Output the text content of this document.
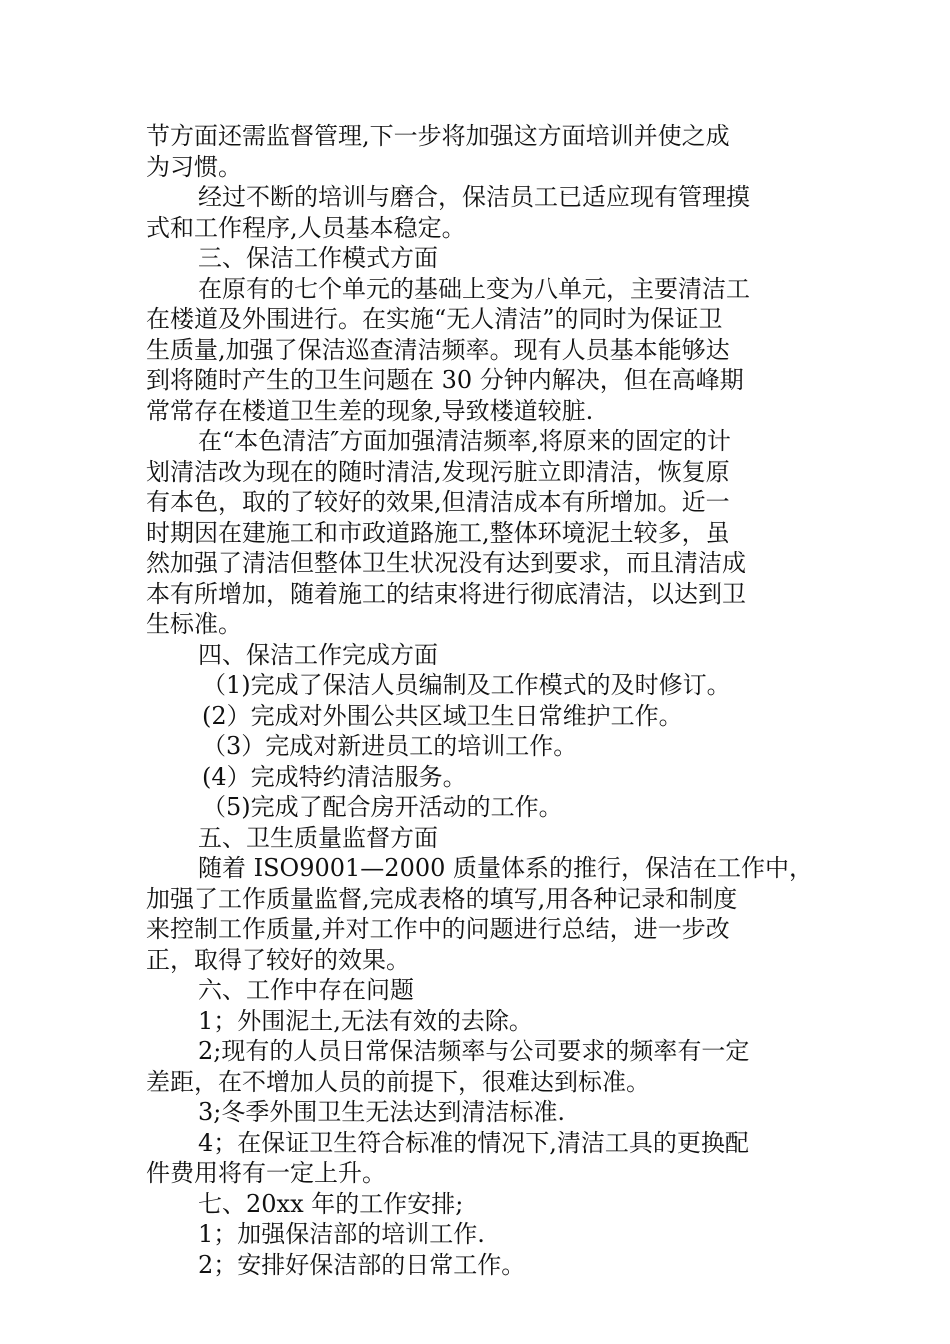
节方面还需监督管理,下一步将加强这方面培训并使之成
为习惯。
经过不断的培训与磨合，保洁员工已适应现有管理摸
式和工作程序,人员基本稳定。
三、保洁工作模式方面
在原有的七个单元的基础上变为八单元，主要清洁工
在楼道及外围进行。在实施“无人清洁”的同时为保证卫
生质量,加强了保洁巡查清洁频率。现有人员基本能够达
到将随时产生的卫生问题在 30 分钟内解决，但在高峰期
常常存在楼道卫生差的现象,导致楼道较脏.
在“本色清洁″方面加强清洁频率,将原来的固定的计
划清洁改为现在的随时清洁,发现污脏立即清洁，恢复原
有本色，取的了较好的效果,但清洁成本有所增加。近一
时期因在建施工和市政道路施工,整体环境泥土较多，虽
然加强了清洁但整体卫生状况没有达到要求，而且清洁成
本有所增加，随着施工的结束将进行彻底清洁，以达到卫
生标准。
四、保洁工作完成方面
（1)完成了保洁人员编制及工作模式的及时修订。
(2）完成对外围公共区域卫生日常维护工作。
（3）完成对新进员工的培训工作。
(4）完成特约清洁服务。
（5)完成了配合房开活动的工作。
五、卫生质量监督方面
随着 ISO9001—2000 质量体系的推行，保洁在工作中，
加强了工作质量监督,完成表格的填写,用各种记录和制度
来控制工作质量,并对工作中的问题进行总结，进一步改
正，取得了较好的效果。
六、工作中存在问题
1；外围泥土,无法有效的去除。
2;现有的人员日常保洁频率与公司要求的频率有一定
差距，在不增加人员的前提下，很难达到标准。
3;冬季外围卫生无法达到清洁标准.
4；在保证卫生符合标准的情况下,清洁工具的更换配
件费用将有一定上升。
七、20xx 年的工作安排;
1；加强保洁部的培训工作.
2；安排好保洁部的日常工作。
